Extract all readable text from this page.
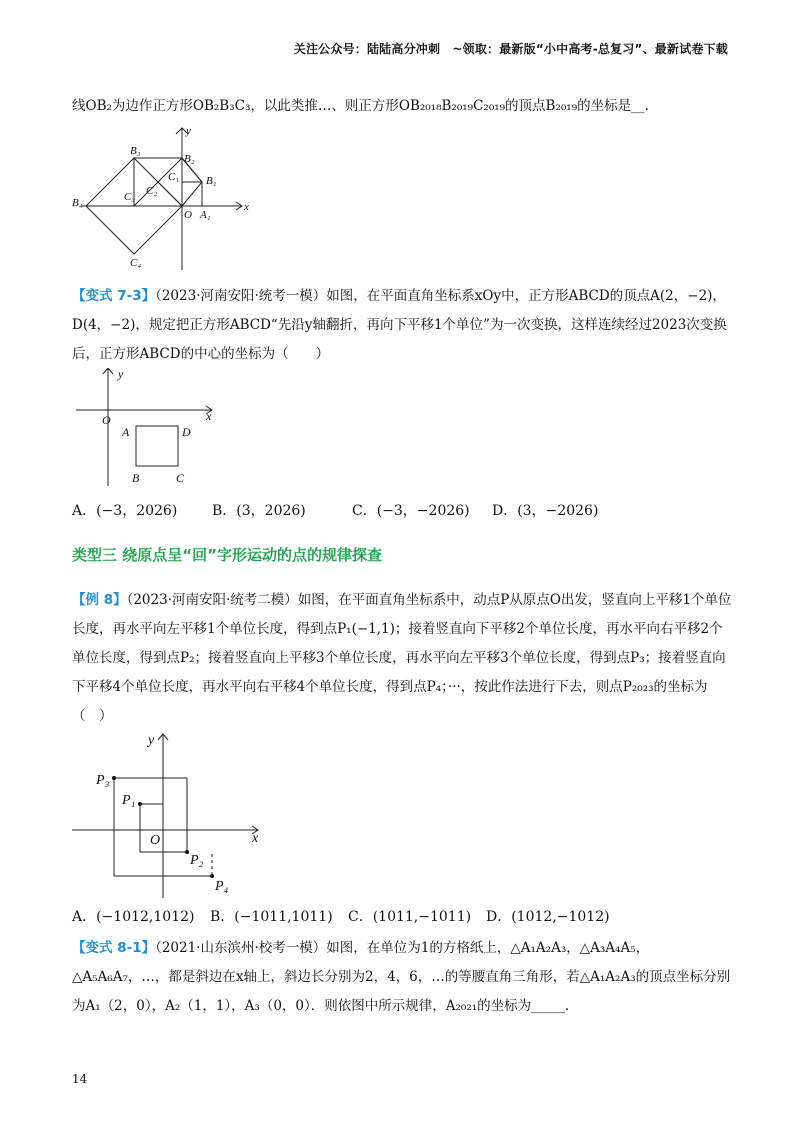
关注公众号：陆陆高分冲刺　~领取：最新版“小中高考-总复习”、最新试卷下载
线OB₂为边作正方形OB₂B₃C₃，以此类推…、则正方形OB₂₀₁₈B₂₀₁₉C₂₀₁₉的顶点B₂₀₁₉的坐标是__.
y
B₃
B₂
C₁ B₁
C₂
C₃
B₄
O A₁
x
C₄
【变式 7-3】（2023·河南安阳·统考一模）如图，在平面直角坐标系xOy中，正方形ABCD的顶点A(2，−2)，D(4，−2)，规定把正方形ABCD“先沿y轴翻折，再向下平移1个单位”为一次变换，这样连续经过2023次变换后，正方形ABCD的中心的坐标为（　　）
y
O	x
A	D
B	C
A．(−3，2026)	B．(3，2026)	C．(−3，−2026)	D．(3，−2026)
类型三 绕原点呈“回”字形运动的点的规律探查
【例 8】（2023·河南安阳·统考二模）如图，在平面直角坐标系中，动点P从原点O出发，竖直向上平移1个单位长度，再水平向左平移1个单位长度，得到点P₁(−1,1)；接着竖直向下平移2个单位长度，再水平向右平移2个单位长度，得到点P₂；接着竖直向上平移3个单位长度，再水平向左平移3个单位长度，得到点P₃；接着竖直向下平移4个单位长度，再水平向右平移4个单位长度，得到点P₄；···，按此作法进行下去，则点P₂₀₂₃的坐标为（　）
y
P₃
P₁
O	x
P₂
P₄
A．(−1012,1012)	B．(−1011,1011)	C．(1011,−1011)	D．(1012,−1012)
【变式 8-1】（2021·山东滨州·校考一模）如图，在单位为1的方格纸上，△A₁A₂A₃，△A₃A₄A₅，△A₅A₆A₇，…，都是斜边在x轴上，斜边长分别为2，4，6，…的等腰直角三角形，若△A₁A₂A₃的顶点坐标分别为A₁（2，0），A₂（1，1），A₃（0，0）．则依图中所示规律，A₂₀₂₁的坐标为_____.
14
